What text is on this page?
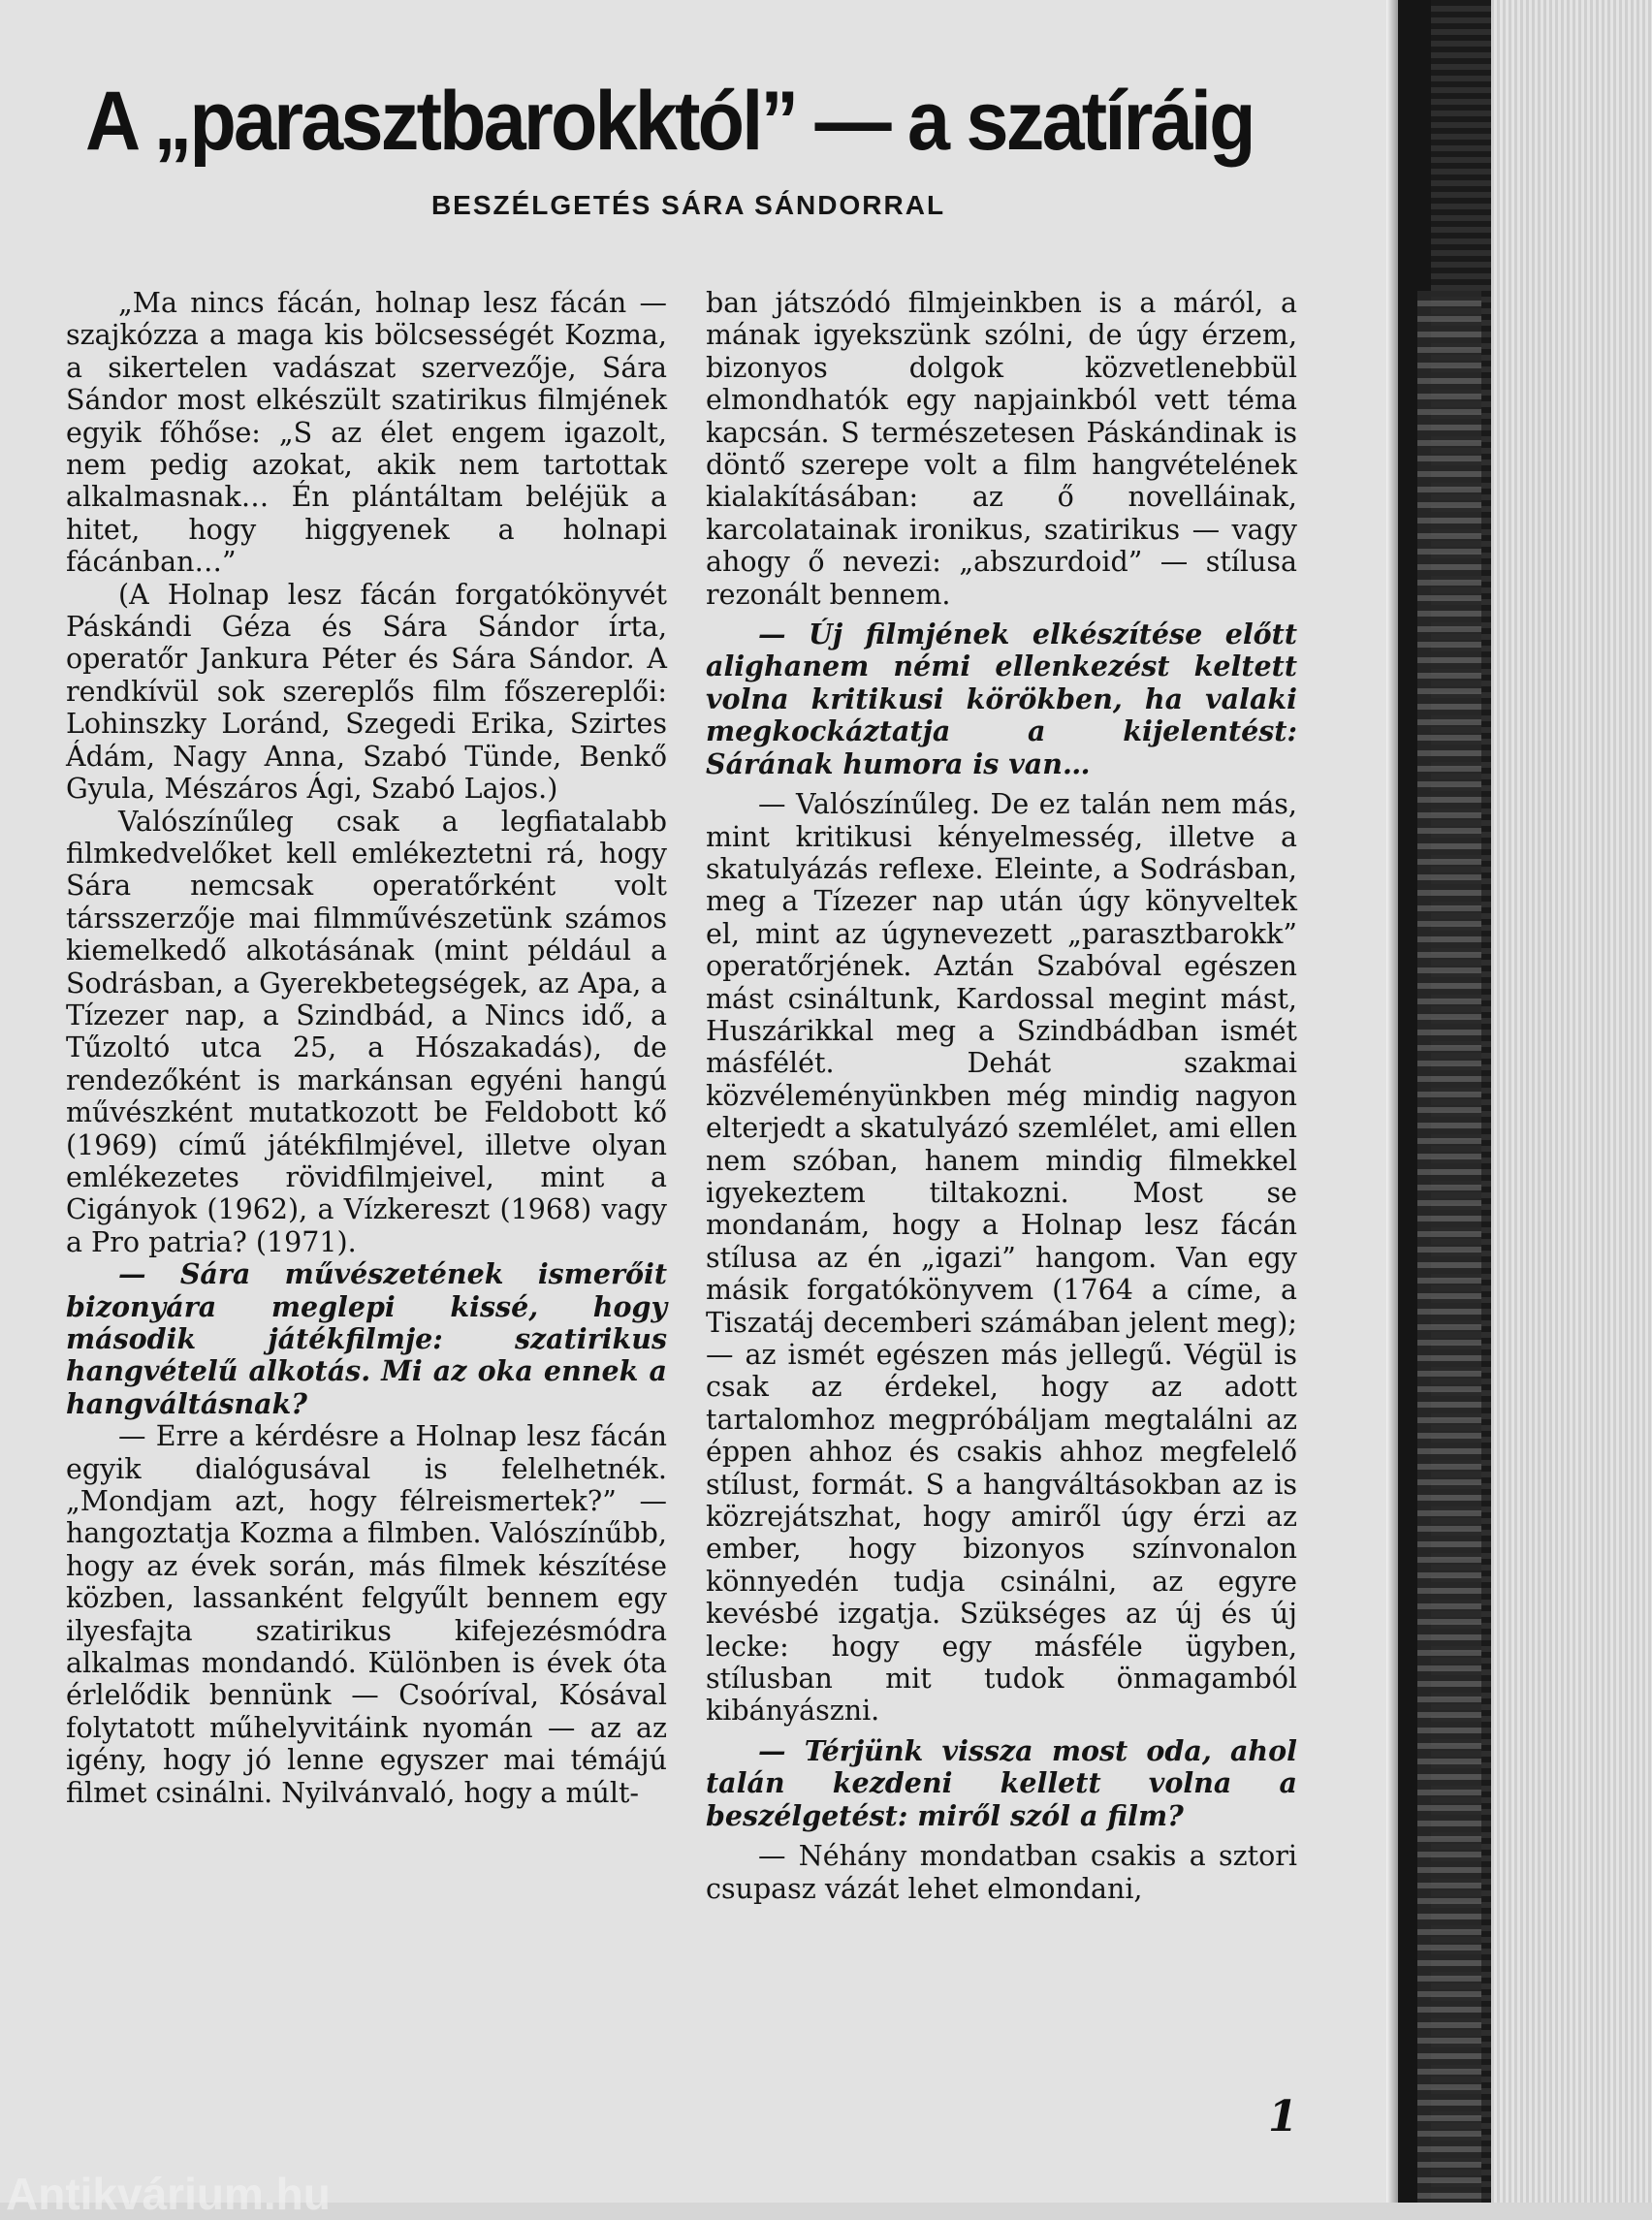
A „parasztbarokktól” — a szatíráig
BESZÉLGETÉS SÁRA SÁNDORRAL

„Ma nincs fácán, holnap lesz fácán — szajkózza a maga kis bölcsességét Kozma, a sikertelen vadászat szervezője, Sára Sándor most elkészült szatirikus filmjének egyik főhőse: „S az élet engem igazolt, nem pedig azokat, akik nem tartottak alkalmasnak… Én plántáltam beléjük a hitet, hogy higgyenek a holnapi fácánban…”

(A Holnap lesz fácán forgatókönyvét Páskándi Géza és Sára Sándor írta, operatőr Jankura Péter és Sára Sándor. A rendkívül sok szereplős film főszereplői: Lohinszky Loránd, Szegedi Erika, Szirtes Ádám, Nagy Anna, Szabó Tünde, Benkő Gyula, Mészáros Ági, Szabó Lajos.)

Valószínűleg csak a legfiatalabb filmkedvelőket kell emlékeztetni rá, hogy Sára nemcsak operatőrként volt társszerzője mai filmművészetünk számos kiemelkedő alkotásának (mint például a Sodrásban, a Gyerekbetegségek, az Apa, a Tízezer nap, a Szindbád, a Nincs idő, a Tűzoltó utca 25, a Hószakadás), de rendezőként is markánsan egyéni hangú művészként mutatkozott be Feldobott kő (1969) című játékfilmjével, illetve olyan emlékezetes rövidfilmjeivel, mint a Cigányok (1962), a Vízkereszt (1968) vagy a Pro patria? (1971).

— Sára művészetének ismerőit bizonyára meglepi kissé, hogy második játékfilmje: szatirikus hangvételű alkotás. Mi az oka ennek a hangváltásnak?

— Erre a kérdésre a Holnap lesz fácán egyik dialógusával is felelhetnék. „Mondjam azt, hogy félreismertek?” — hangoztatja Kozma a filmben. Valószínűbb, hogy az évek során, más filmek készítése közben, lassanként felgyűlt bennem egy ilyesfajta szatirikus kifejezésmódra alkalmas mondandó. Különben is évek óta érlelődik bennünk — Csoóríval, Kósával folytatott műhelyvitáink nyomán — az az igény, hogy jó lenne egyszer mai témájú filmet csinálni. Nyilvánvaló, hogy a múlt-

ban játszódó filmjeinkben is a máról, a mának igyekszünk szólni, de úgy érzem, bizonyos dolgok közvetlenebbül elmondhatók egy napjainkból vett téma kapcsán. S természetesen Páskándinak is döntő szerepe volt a film hangvételének kialakításában: az ő novelláinak, karcolatainak ironikus, szatirikus — vagy ahogy ő nevezi: „abszurdoid” — stílusa rezonált bennem.

— Új filmjének elkészítése előtt alighanem némi ellenkezést keltett volna kritikusi körökben, ha valaki megkockáztatja a kijelentést: Sárának humora is van…

— Valószínűleg. De ez talán nem más, mint kritikusi kényelmesség, illetve a skatulyázás reflexe. Eleinte, a Sodrásban, meg a Tízezer nap után úgy könyveltek el, mint az úgynevezett „parasztbarokk” operatőrjének. Aztán Szabóval egészen mást csináltunk, Kardossal megint mást, Huszárikkal meg a Szindbádban ismét másfélét. Dehát szakmai közvéleményünkben még mindig nagyon elterjedt a skatulyázó szemlélet, ami ellen nem szóban, hanem mindig filmekkel igyekeztem tiltakozni. Most se mondanám, hogy a Holnap lesz fácán stílusa az én „igazi” hangom. Van egy másik forgatókönyvem (1764 a címe, a Tiszatáj decemberi számában jelent meg); — az ismét egészen más jellegű. Végül is csak az érdekel, hogy az adott tartalomhoz megpróbáljam megtalálni az éppen ahhoz és csakis ahhoz megfelelő stílust, formát. S a hangváltásokban az is közrejátszhat, hogy amiről úgy érzi az ember, hogy bizonyos színvonalon könnyedén tudja csinálni, az egyre kevésbé izgatja. Szükséges az új és új lecke: hogy egy másféle ügyben, stílusban mit tudok önmagamból kibányászni.

— Térjünk vissza most oda, ahol talán kezdeni kellett volna a beszélgetést: miről szól a film?

— Néhány mondatban csakis a sztori csupasz vázát lehet elmondani,

1
Antikvárium.hu
